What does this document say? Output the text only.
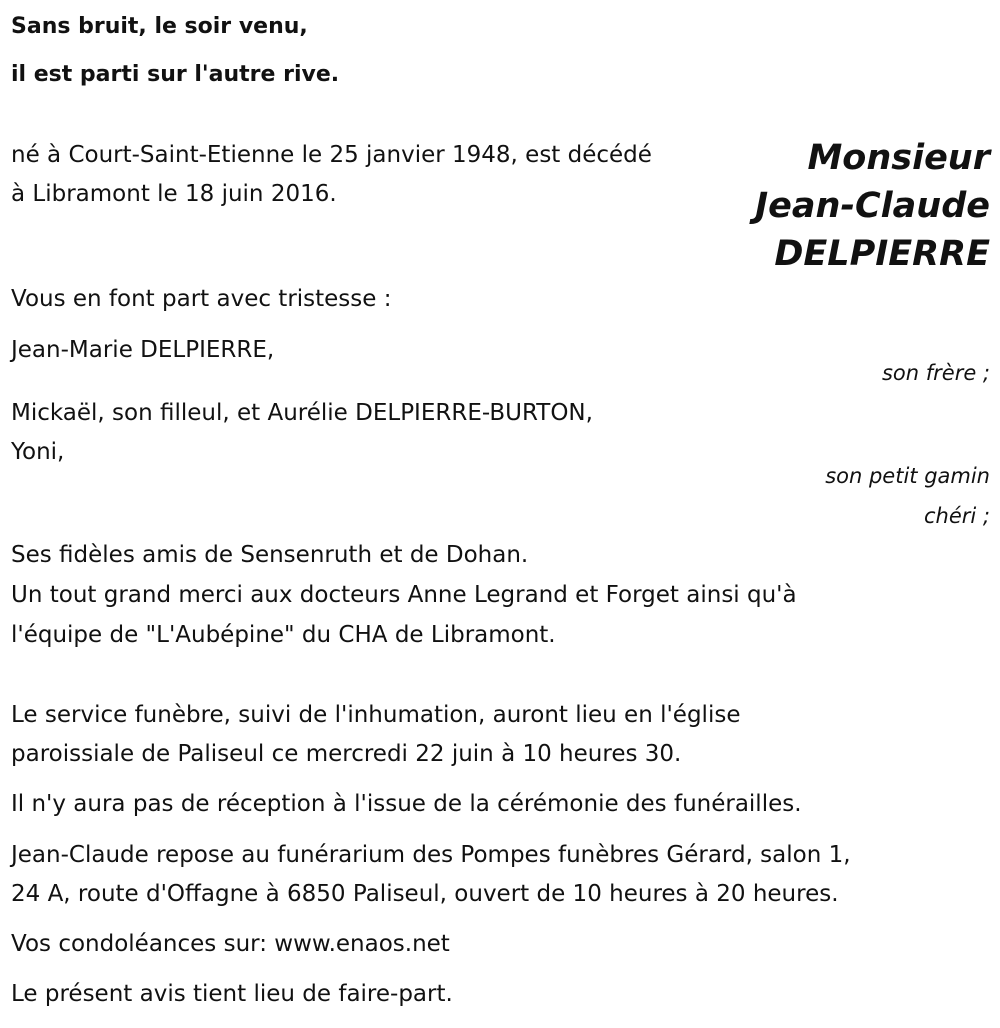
Sans bruit, le soir venu,
il est parti sur l'autre rive.
né à Court-Saint-Etienne le 25 janvier 1948, est décédé
à Libramont le 18 juin 2016.
Monsieur
Jean-Claude
DELPIERRE
Vous en font part avec tristesse :
Jean-Marie DELPIERRE,
son frère ;
Mickaël, son filleul, et Aurélie DELPIERRE-BURTON,
Yoni,
son petit gamin
chéri ;
Ses fidèles amis de Sensenruth et de Dohan.
Un tout grand merci aux docteurs Anne Legrand et Forget ainsi qu'à
l'équipe de "L'Aubépine" du CHA de Libramont.
Le service funèbre, suivi de l'inhumation, auront lieu en l'église
paroissiale de Paliseul ce mercredi 22 juin à 10 heures 30.
Il n'y aura pas de réception à l'issue de la cérémonie des funérailles.
Jean-Claude repose au funérarium des Pompes funèbres Gérard, salon 1,
24 A, route d'Offagne à 6850 Paliseul, ouvert de 10 heures à 20 heures.
Vos condoléances sur: www.enaos.net
Le présent avis tient lieu de faire-part.
